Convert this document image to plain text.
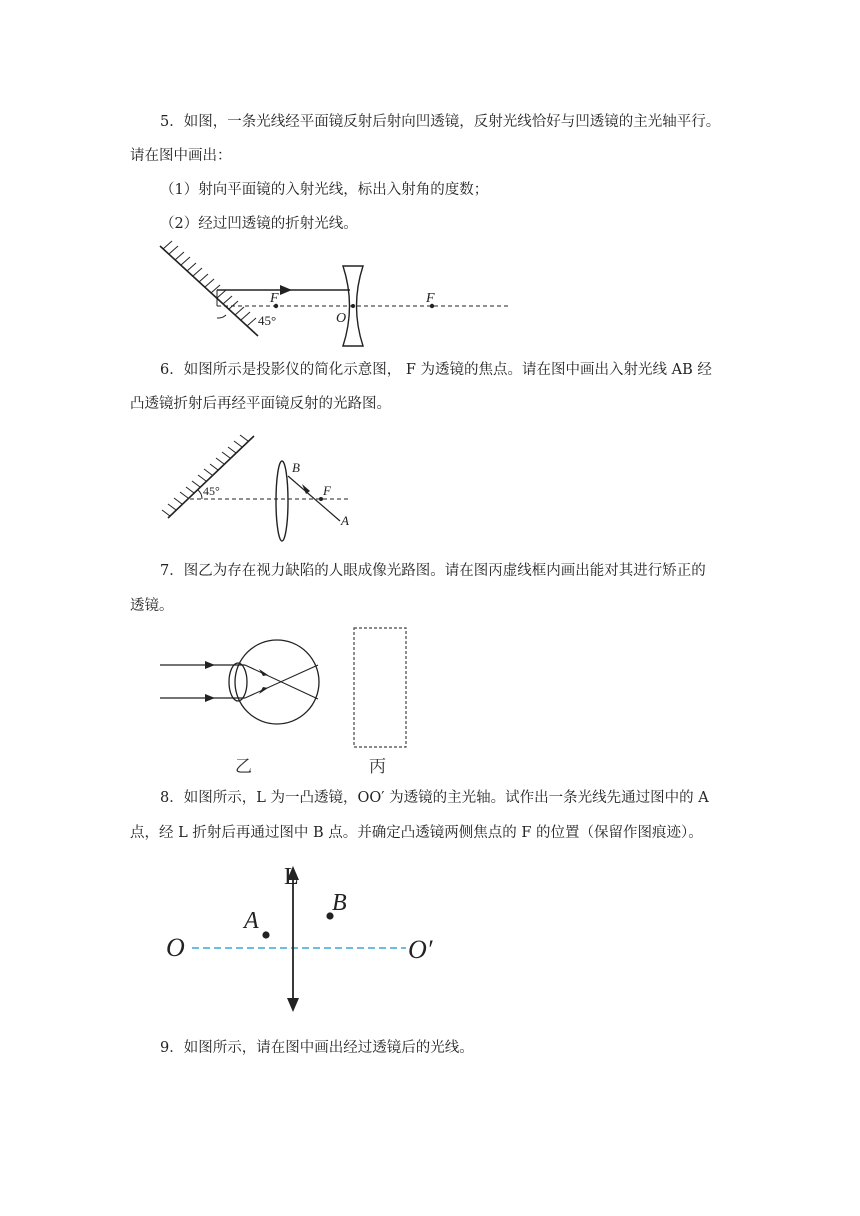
5．如图，一条光线经平面镜反射后射向凹透镜，反射光线恰好与凹透镜的主光轴平行。
请在图中画出：
（1）射向平面镜的入射光线，标出入射角的度数；
（2）经过凹透镜的折射光线。
F	F
O
45°
6．如图所示是投影仪的简化示意图， F 为透镜的焦点。请在图中画出入射光线 AB 经
凸透镜折射后再经平面镜反射的光路图。
45°
B
F
A
7．图乙为存在视力缺陷的人眼成像光路图。请在图丙虚线框内画出能对其进行矫正的
透镜。
乙	丙
8．如图所示，L 为一凸透镜，OO′ 为透镜的主光轴。试作出一条光线先通过图中的 A
点，经 L 折射后再通过图中 B 点。并确定凸透镜两侧焦点的 F 的位置（保留作图痕迹）。
L
A
B
O	O′
9．如图所示，请在图中画出经过透镜后的光线。
